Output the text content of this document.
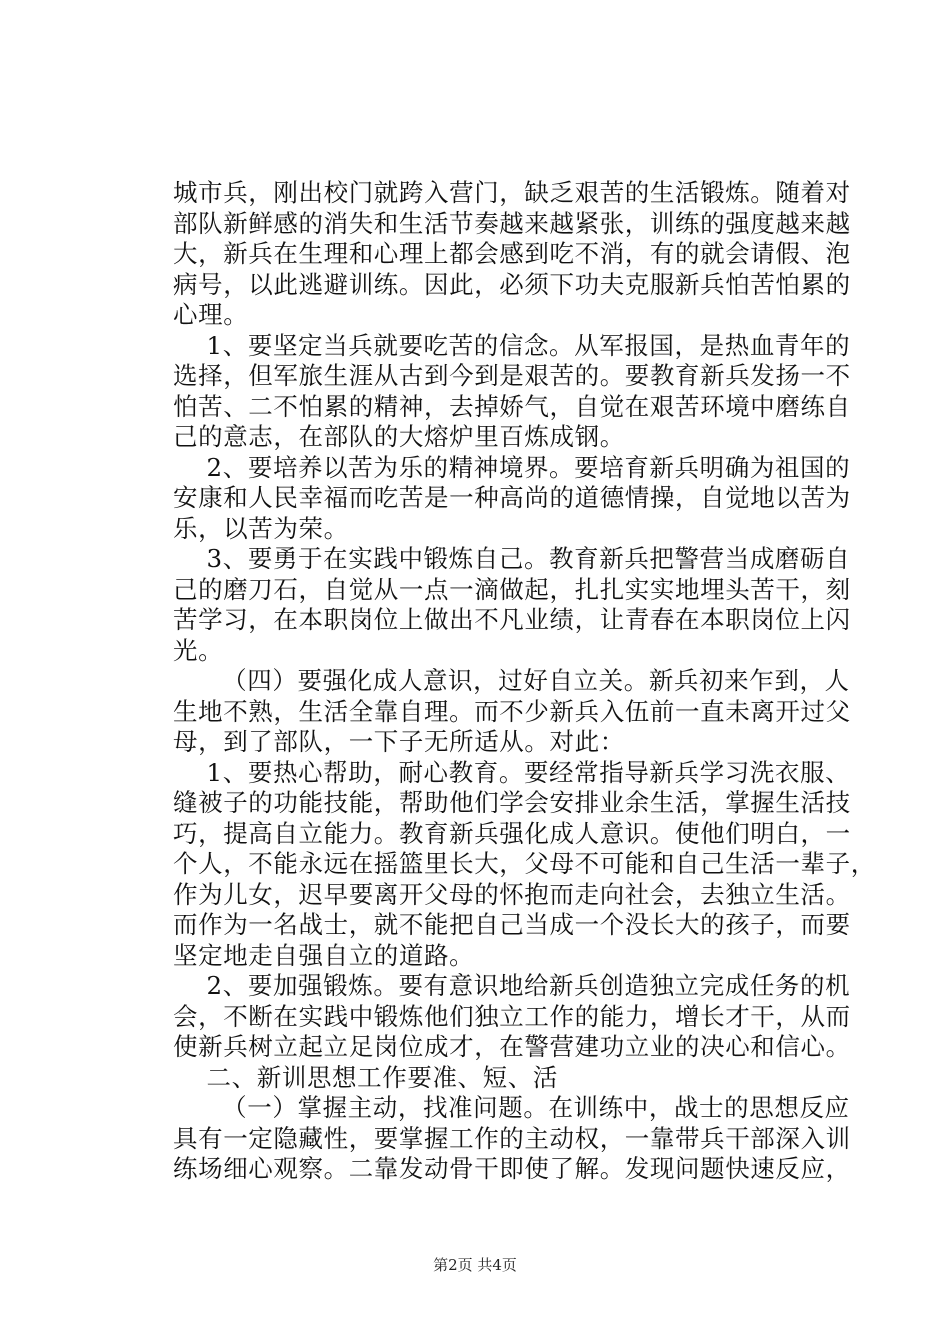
城市兵，刚出校门就跨入营门，缺乏艰苦的生活锻炼。随着对
部队新鲜感的消失和生活节奏越来越紧张，训练的强度越来越
大，新兵在生理和心理上都会感到吃不消，有的就会请假、泡
病号，以此逃避训练。因此，必须下功夫克服新兵怕苦怕累的
心理。
1、要坚定当兵就要吃苦的信念。从军报国，是热血青年的
选择，但军旅生涯从古到今到是艰苦的。要教育新兵发扬一不
怕苦、二不怕累的精神，去掉娇气，自觉在艰苦环境中磨练自
己的意志，在部队的大熔炉里百炼成钢。
2、要培养以苦为乐的精神境界。要培育新兵明确为祖国的
安康和人民幸福而吃苦是一种高尚的道德情操，自觉地以苦为
乐，以苦为荣。
3、要勇于在实践中锻炼自己。教育新兵把警营当成磨砺自
己的磨刀石，自觉从一点一滴做起，扎扎实实地埋头苦干，刻
苦学习，在本职岗位上做出不凡业绩，让青春在本职岗位上闪
光。
（四）要强化成人意识，过好自立关。新兵初来乍到，人
生地不熟，生活全靠自理。而不少新兵入伍前一直未离开过父
母，到了部队，一下子无所适从。对此：
1、要热心帮助，耐心教育。要经常指导新兵学习洗衣服、
缝被子的功能技能，帮助他们学会安排业余生活，掌握生活技
巧，提高自立能力。教育新兵强化成人意识。使他们明白，一
个人，不能永远在摇篮里长大，父母不可能和自己生活一辈子，
作为儿女，迟早要离开父母的怀抱而走向社会，去独立生活。
而作为一名战士，就不能把自己当成一个没长大的孩子，而要
坚定地走自强自立的道路。
2、要加强锻炼。要有意识地给新兵创造独立完成任务的机
会，不断在实践中锻炼他们独立工作的能力，增长才干，从而
使新兵树立起立足岗位成才，在警营建功立业的决心和信心。
二、新训思想工作要准、短、活
（一）掌握主动，找准问题。在训练中，战士的思想反应
具有一定隐藏性，要掌握工作的主动权，一靠带兵干部深入训
练场细心观察。二靠发动骨干即使了解。发现问题快速反应，
第2页 共4页
